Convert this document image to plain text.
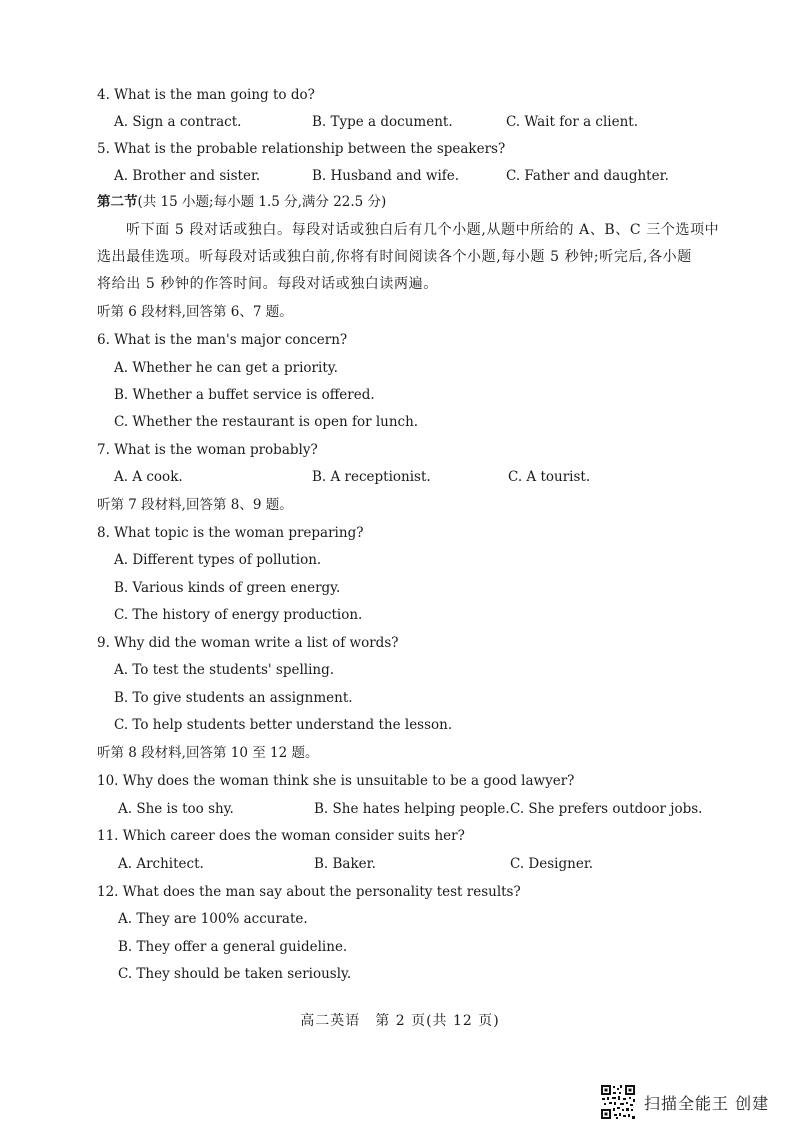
4. What is the man going to do?
A. Sign a contract.	B. Type a document.	C. Wait for a client.
5. What is the probable relationship between the speakers?
A. Brother and sister.	B. Husband and wife.	C. Father and daughter.
第二节(共 15 小题;每小题 1.5 分,满分 22.5 分)
听下面 5 段对话或独白。每段对话或独白后有几个小题,从题中所给的 A、B、C 三个选项中
选出最佳选项。听每段对话或独白前,你将有时间阅读各个小题,每小题 5 秒钟;听完后,各小题
将给出 5 秒钟的作答时间。每段对话或独白读两遍。
听第 6 段材料,回答第 6、7 题。
6. What is the man's major concern?
A. Whether he can get a priority.
B. Whether a buffet service is offered.
C. Whether the restaurant is open for lunch.
7. What is the woman probably?
A. A cook.	B. A receptionist.	C. A tourist.
听第 7 段材料,回答第 8、9 题。
8. What topic is the woman preparing?
A. Different types of pollution.
B. Various kinds of green energy.
C. The history of energy production.
9. Why did the woman write a list of words?
A. To test the students' spelling.
B. To give students an assignment.
C. To help students better understand the lesson.
听第 8 段材料,回答第 10 至 12 题。
10. Why does the woman think she is unsuitable to be a good lawyer?
A. She is too shy.	B. She hates helping people. C. She prefers outdoor jobs.
11. Which career does the woman consider suits her?
A. Architect.	B. Baker.	C. Designer.
12. What does the man say about the personality test results?
A. They are 100% accurate.
B. They offer a general guideline.
C. They should be taken seriously.
高二英语　第 2 页(共 12 页)
扫描全能王 创建
